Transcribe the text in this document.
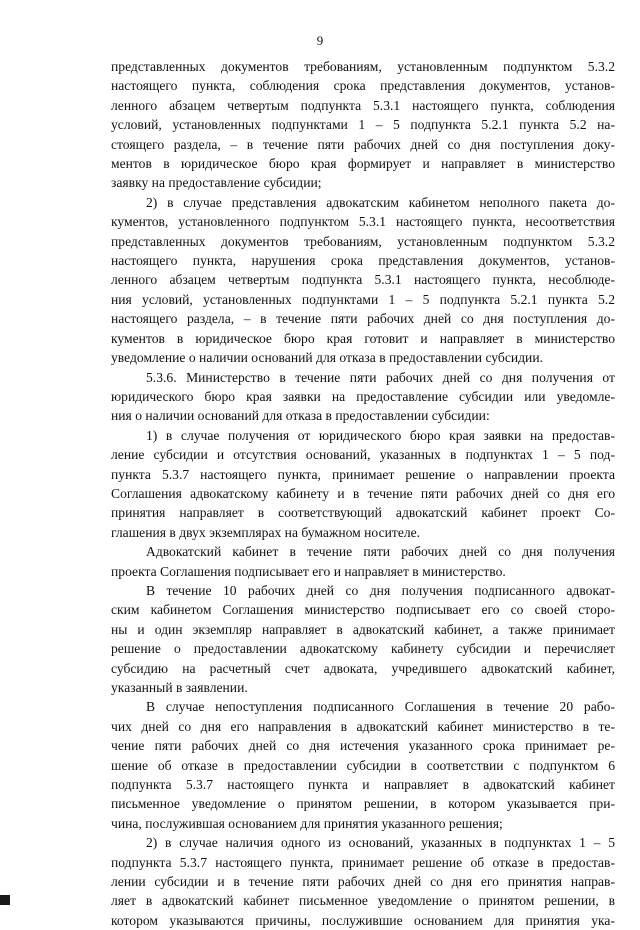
9
представленных документов требованиям, установленным подпунктом 5.3.2
настоящего пункта, соблюдения срока представления документов, установ-
ленного абзацем четвертым подпункта 5.3.1 настоящего пункта, соблюдения
условий, установленных подпунктами 1 – 5 подпункта 5.2.1 пункта 5.2 на-
стоящего раздела, – в течение пяти рабочих дней со дня поступления доку-
ментов в юридическое бюро края формирует и направляет в министерство
заявку на предоставление субсидии;
2) в случае представления адвокатским кабинетом неполного пакета до-
кументов, установленного подпунктом 5.3.1 настоящего пункта, несоответствия
представленных документов требованиям, установленным подпунктом 5.3.2
настоящего пункта, нарушения срока представления документов, установ-
ленного абзацем четвертым подпункта 5.3.1 настоящего пункта, несоблюде-
ния условий, установленных подпунктами 1 – 5 подпункта 5.2.1 пункта 5.2
настоящего раздела, – в течение пяти рабочих дней со дня поступления до-
кументов в юридическое бюро края готовит и направляет в министерство
уведомление о наличии оснований для отказа в предоставлении субсидии.
5.3.6. Министерство в течение пяти рабочих дней со дня получения от
юридического бюро края заявки на предоставление субсидии или уведомле-
ния о наличии оснований для отказа в предоставлении субсидии:
1) в случае получения от юридического бюро края заявки на предостав-
ление субсидии и отсутствия оснований, указанных в подпунктах 1 – 5 под-
пункта 5.3.7 настоящего пункта, принимает решение о направлении проекта
Соглашения адвокатскому кабинету и в течение пяти рабочих дней со дня его
принятия направляет в соответствующий адвокатский кабинет проект Со-
глашения в двух экземплярах на бумажном носителе.
Адвокатский кабинет в течение пяти рабочих дней со дня получения
проекта Соглашения подписывает его и направляет в министерство.
В течение 10 рабочих дней со дня получения подписанного адвокат-
ским кабинетом Соглашения министерство подписывает его со своей сторо-
ны и один экземпляр направляет в адвокатский кабинет, а также принимает
решение о предоставлении адвокатскому кабинету субсидии и перечисляет
субсидию на расчетный счет адвоката, учредившего адвокатский кабинет,
указанный в заявлении.
В случае непоступления подписанного Соглашения в течение 20 рабо-
чих дней со дня его направления в адвокатский кабинет министерство в те-
чение пяти рабочих дней со дня истечения указанного срока принимает ре-
шение об отказе в предоставлении субсидии в соответствии с подпунктом 6
подпункта 5.3.7 настоящего пункта и направляет в адвокатский кабинет
письменное уведомление о принятом решении, в котором указывается при-
чина, послужившая основанием для принятия указанного решения;
2) в случае наличия одного из оснований, указанных в подпунктах 1 – 5
подпункта 5.3.7 настоящего пункта, принимает решение об отказе в предостав-
лении субсидии и в течение пяти рабочих дней со дня его принятия направ-
ляет в адвокатский кабинет письменное уведомление о принятом решении, в
котором указываются причины, послужившие основанием для принятия ука-
